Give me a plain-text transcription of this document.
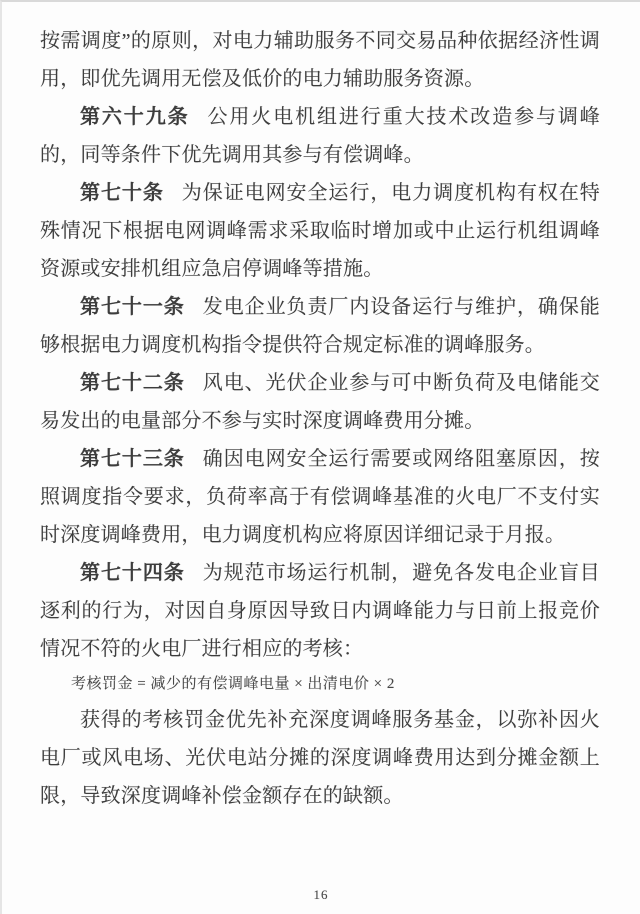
按需调度”的原则，对电力辅助服务不同交易品种依据经济性调用，即优先调用无偿及低价的电力辅助服务资源。

第六十九条 公用火电机组进行重大技术改造参与调峰的，同等条件下优先调用其参与有偿调峰。

第七十条 为保证电网安全运行，电力调度机构有权在特殊情况下根据电网调峰需求采取临时增加或中止运行机组调峰资源或安排机组应急启停调峰等措施。

第七十一条 发电企业负责厂内设备运行与维护，确保能够根据电力调度机构指令提供符合规定标准的调峰服务。

第七十二条 风电、光伏企业参与可中断负荷及电储能交易发出的电量部分不参与实时深度调峰费用分摊。

第七十三条 确因电网安全运行需要或网络阻塞原因，按照调度指令要求，负荷率高于有偿调峰基准的火电厂不支付实时深度调峰费用，电力调度机构应将原因详细记录于月报。

第七十四条 为规范市场运行机制，避免各发电企业盲目逐利的行为，对因自身原因导致日内调峰能力与日前上报竞价情况不符的火电厂进行相应的考核：

考核罚金 = 减少的有偿调峰电量 × 出清电价 × 2

获得的考核罚金优先补充深度调峰服务基金，以弥补因火电厂或风电场、光伏电站分摊的深度调峰费用达到分摊金额上限，导致深度调峰补偿金额存在的缺额。

16
